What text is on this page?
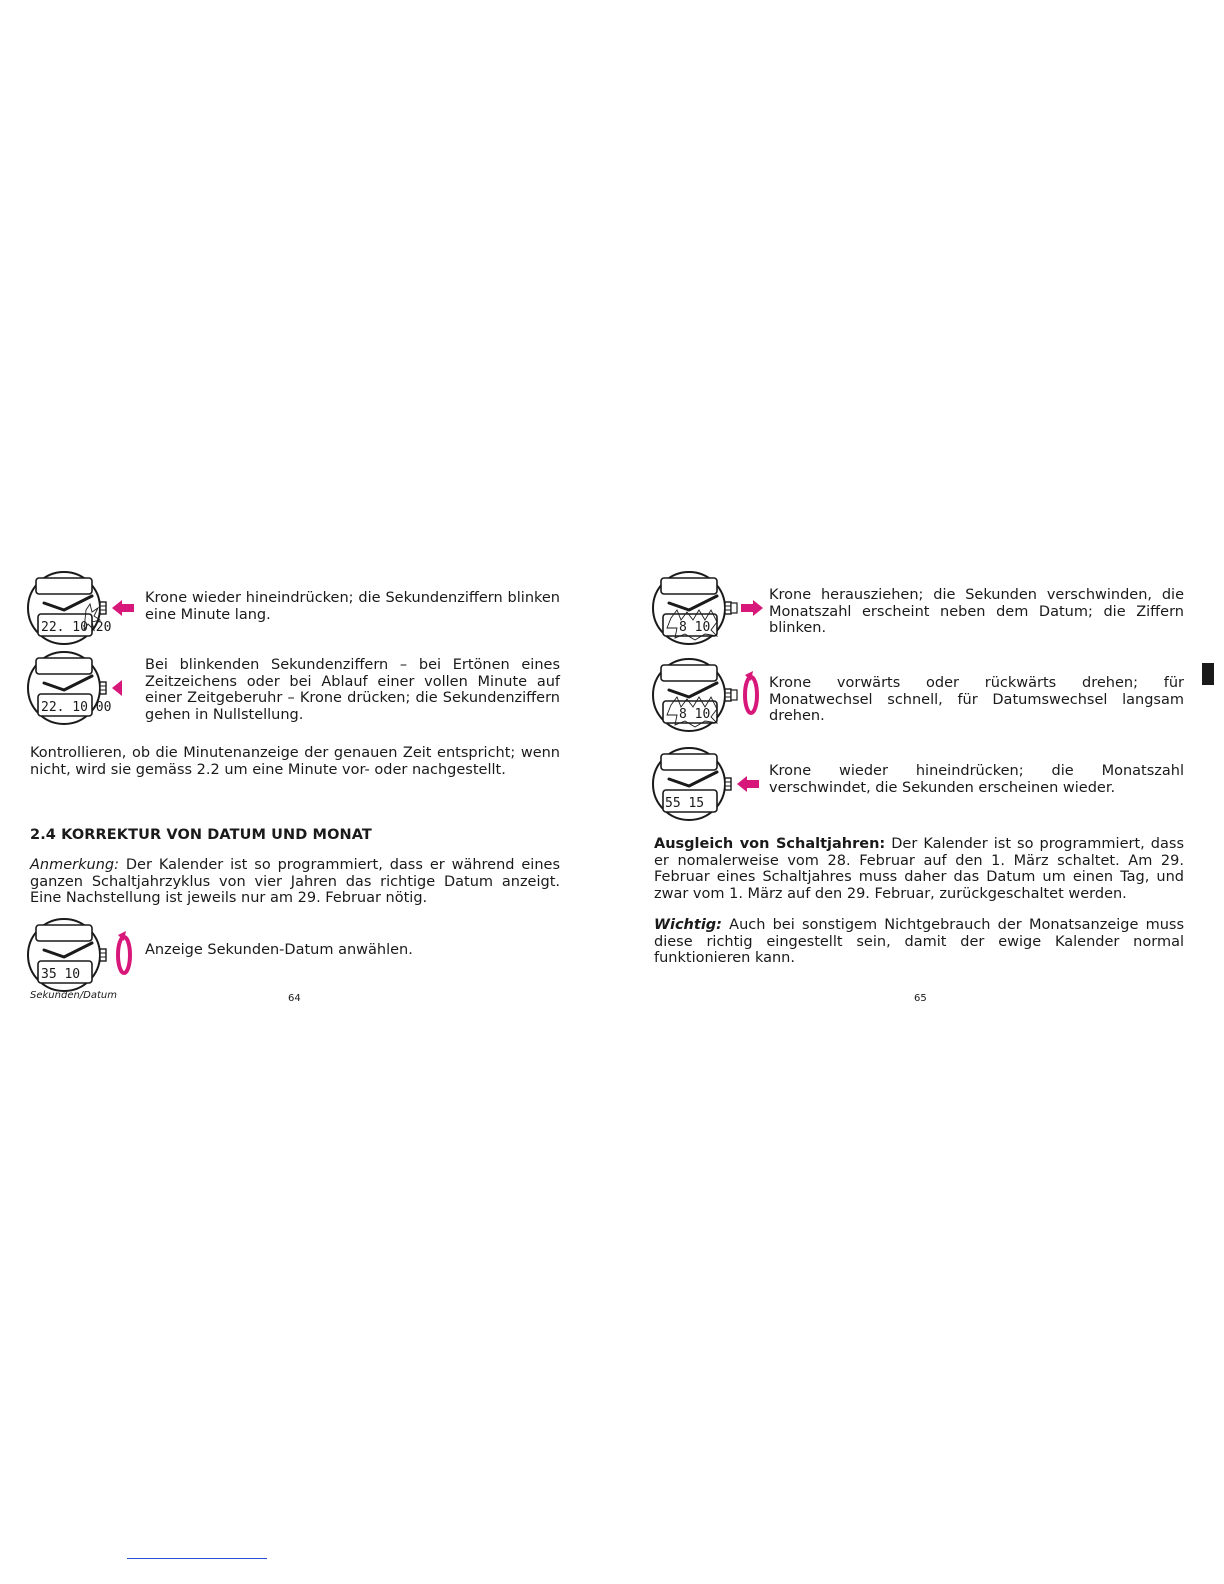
22. 10 20

Krone wieder hineindrücken; die Sekundenziffern blinken eine Minute lang.

22. 10 00

Bei blinkenden Sekundenziffern – bei Ertönen eines Zeitzeichens oder bei Ablauf einer vollen Minute auf einer Zeitgeberuhr – Krone drücken; die Sekundenziffern gehen in Nullstellung.

Kontrollieren, ob die Minutenanzeige der genauen Zeit entspricht; wenn nicht, wird sie gemäss 2.2 um eine Minute vor- oder nachgestellt.

2.4 KORREKTUR VON DATUM UND MONAT

Anmerkung: Der Kalender ist so programmiert, dass er während eines ganzen Schaltjahrzyklus von vier Jahren das richtige Datum anzeigt. Eine Nachstellung ist jeweils nur am 29. Februar nötig.

35 10

Anzeige Sekunden-Datum anwählen.

Sekunden/Datum	64
8 10

Krone herausziehen; die Sekunden verschwinden, die Monatszahl erscheint neben dem Datum; die Ziffern blinken.

8 10

Krone vorwärts oder rückwärts drehen; für Monatwechsel schnell, für Datumswechsel langsam drehen.

55 15

Krone wieder hineindrücken; die Monatszahl verschwindet, die Sekunden erscheinen wieder.

Ausgleich von Schaltjahren: Der Kalender ist so programmiert, dass er nomalerweise vom 28. Februar auf den 1. März schaltet. Am 29. Februar eines Schaltjahres muss daher das Datum um einen Tag, und zwar vom 1. März auf den 29. Februar, zurückgeschaltet werden.

Wichtig: Auch bei sonstigem Nichtgebrauch der Monatsanzeige muss diese richtig eingestellt sein, damit der ewige Kalender normal funktionieren kann.

65
